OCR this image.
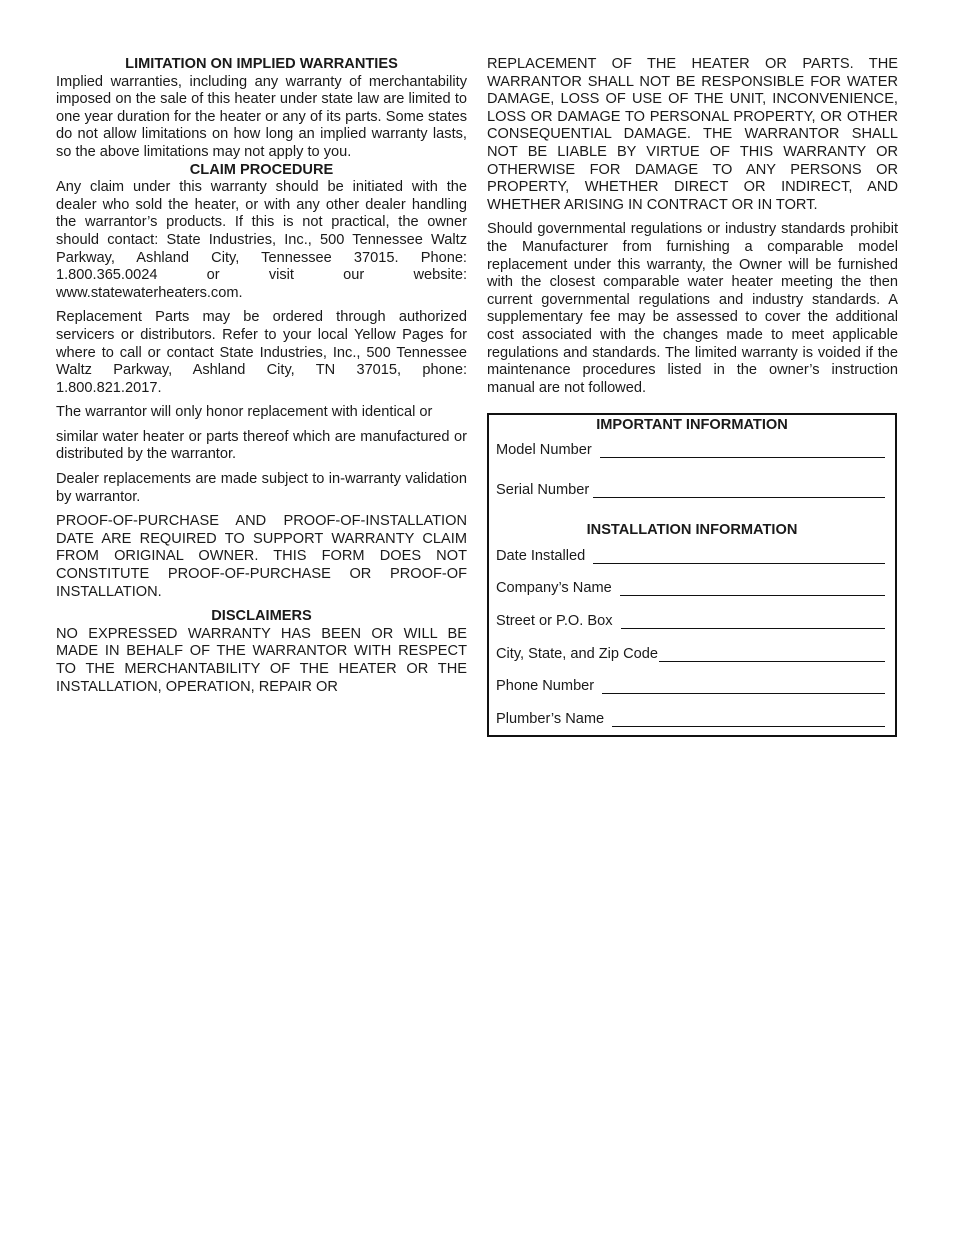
LIMITATION ON IMPLIED WARRANTIES

Implied warranties, including any warranty of merchantability imposed on the sale of this heater under state law are limited to one year duration for the heater or any of its parts. Some states do not allow limitations on how long an implied warranty lasts, so the above limitations may not apply to you.

CLAIM PROCEDURE

Any claim under this warranty should be initiated with the dealer who sold the heater, or with any other dealer handling the warrantor’s products. If this is not practical, the owner should contact: State Industries, Inc., 500 Tennessee Waltz Parkway, Ashland City, Tennessee 37015. Phone: 1.800.365.0024 or visit our website: www.statewaterheaters.com.

Replacement Parts may be ordered through authorized servicers or distributors. Refer to your local Yellow Pages for where to call or contact State Industries, Inc., 500 Tennessee Waltz Parkway, Ashland City, TN 37015, phone: 1.800.821.2017.

The warrantor will only honor replacement with identical or

similar water heater or parts thereof which are manufactured or distributed by the warrantor.

Dealer replacements are made subject to in-warranty validation by warrantor.

PROOF-OF-PURCHASE AND PROOF-OF-INSTALLATION DATE ARE REQUIRED TO SUPPORT WARRANTY CLAIM FROM ORIGINAL OWNER. THIS FORM DOES NOT CONSTITUTE PROOF-OF-PURCHASE OR PROOF-OF INSTALLATION.

DISCLAIMERS

NO EXPRESSED WARRANTY HAS BEEN OR WILL BE MADE IN BEHALF OF THE WARRANTOR WITH RESPECT TO THE MERCHANTABILITY OF THE HEATER OR THE INSTALLATION, OPERATION, REPAIR OR

REPLACEMENT OF THE HEATER OR PARTS. THE WARRANTOR SHALL NOT BE RESPONSIBLE FOR WATER DAMAGE, LOSS OF USE OF THE UNIT, INCONVENIENCE, LOSS OR DAMAGE TO PERSONAL PROPERTY, OR OTHER CONSEQUENTIAL DAMAGE. THE WARRANTOR SHALL NOT BE LIABLE BY VIRTUE OF THIS WARRANTY OR OTHERWISE FOR DAMAGE TO ANY PERSONS OR PROPERTY, WHETHER DIRECT OR INDIRECT, AND WHETHER ARISING IN CONTRACT OR IN TORT.

Should governmental regulations or industry standards prohibit the Manufacturer from furnishing a comparable model replacement under this warranty, the Owner will be furnished with the closest comparable water heater meeting the then current governmental regulations and industry standards. A supplementary fee may be assessed to cover the additional cost associated with the changes made to meet applicable regulations and standards. The limited warranty is voided if the maintenance procedures listed in the owner’s instruction manual are not followed.

IMPORTANT INFORMATION
Model Number
Serial Number
INSTALLATION INFORMATION
Date Installed
Company’s Name
Street or P.O. Box
City, State, and Zip Code
Phone Number
Plumber’s Name
